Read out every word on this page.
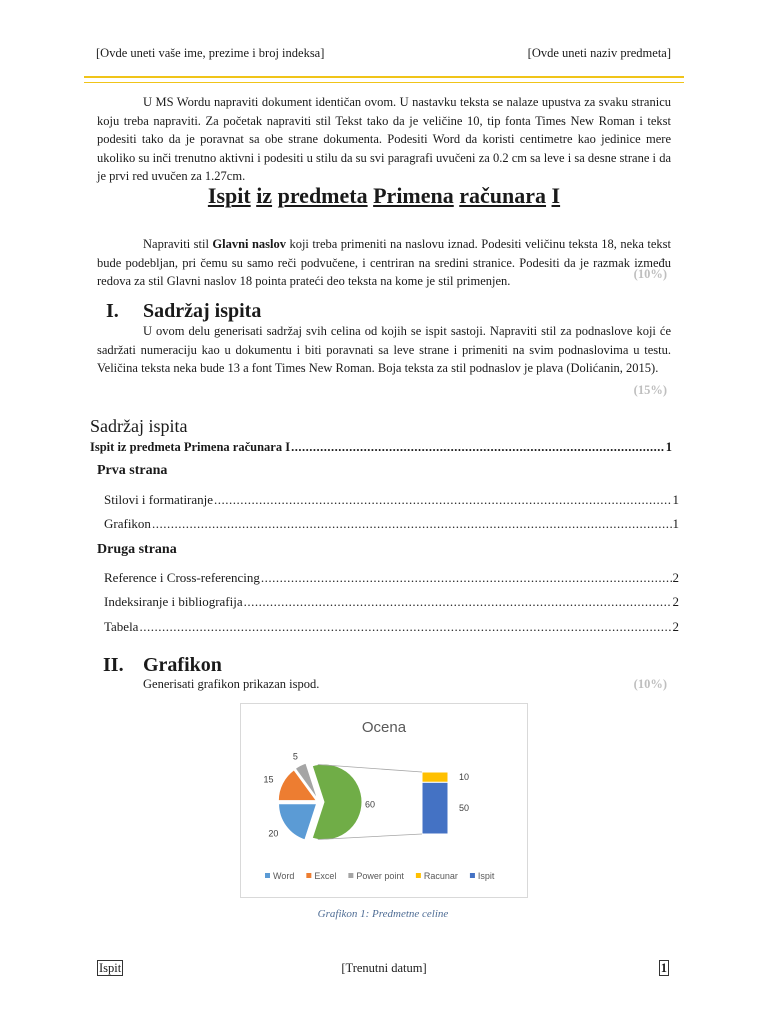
[Ovde uneti vaše ime, prezime i broj indeksa]	[Ovde uneti naziv predmeta]
U MS Wordu napraviti dokument identičan ovom. U nastavku teksta se nalaze upustva za svaku stranicu koju treba napraviti. Za početak napraviti stil Tekst tako da je veličine 10, tip fonta Times New Roman i tekst podesiti tako da je poravnat sa obe strane dokumenta. Podesiti Word da koristi centimetre kao jedinice mere ukoliko su inči trenutno aktivni i podesiti u stilu da su svi paragrafi uvučeni za 0.2 cm sa leve i sa desne strane i da je prvi red uvučen za 1.27cm.
Ispit iz predmeta Primena računara I
Napraviti stil Glavni naslov koji treba primeniti na naslovu iznad. Podesiti veličinu teksta 18, neka tekst bude podebljan, pri čemu su samo reči podvučene, i centriran na sredini stranice. Podesiti da je razmak između redova za stil Glavni naslov 18 pointa prateći deo teksta na kome je stil primenjen.	(10%)
I. Sadržaj ispita
U ovom delu generisati sadržaj svih celina od kojih se ispit sastoji. Napraviti stil za podnaslove koji će sadržati numeraciju kao u dokumentu i biti poravnati sa leve strane i primeniti na svim podnaslovima u testu. Veličina teksta neka bude 13 a font Times New Roman. Boja teksta za stil podnaslov je plava (Dolićanin, 2015).
(15%)
Sadržaj ispita
Ispit iz predmeta Primena računara I .....	1
Prva strana
Stilovi i formatiranje .....	1
Grafikon .....	1
Druga strana
Reference i Cross-referencing .....	2
Indeksiranje i bibliografija .....	2
Tabela .....	2
II. Grafikon
Generisati grafikon prikazan ispod.	(10%)
Ocena
60
5
15
20
10
50
Word Excel Power point Racunar Ispit
Grafikon 1: Predmetne celine
Ispit	[Trenutni datum]	1
